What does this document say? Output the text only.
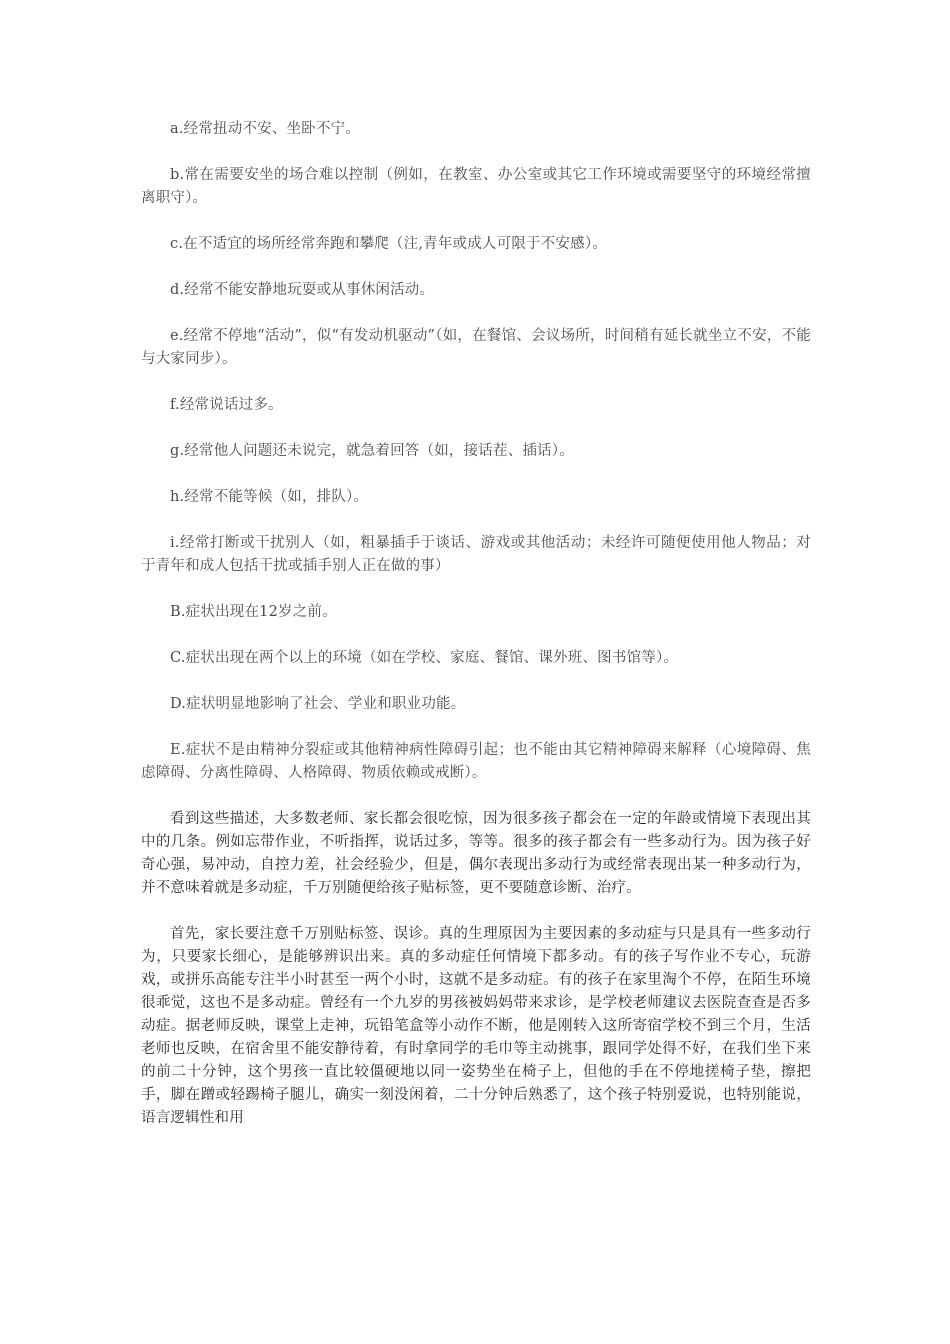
a.经常扭动不安、坐卧不宁。

b.常在需要安坐的场合难以控制（例如，在教室、办公室或其它工作环境或需要坚守的环境经常擅离职守）。

c.在不适宜的场所经常奔跑和攀爬（注,青年或成人可限于不安感）。

d.经常不能安静地玩耍或从事休闲活动。

e.经常不停地“活动”，似“有发动机驱动”（如，在餐馆、会议场所，时间稍有延长就坐立不安，不能与大家同步）。

f.经常说话过多。

g.经常他人问题还未说完，就急着回答（如，接话茬、插话）。

h.经常不能等候（如，排队）。

i.经常打断或干扰别人（如，粗暴插手于谈话、游戏或其他活动；未经许可随便使用他人物品；对于青年和成人包括干扰或插手别人正在做的事）

B.症状出现在12岁之前。

C.症状出现在两个以上的环境（如在学校、家庭、餐馆、课外班、图书馆等）。

D.症状明显地影响了社会、学业和职业功能。

E.症状不是由精神分裂症或其他精神病性障碍引起；也不能由其它精神障碍来解释（心境障碍、焦虑障碍、分离性障碍、人格障碍、物质依赖或戒断）。

看到这些描述，大多数老师、家长都会很吃惊，因为很多孩子都会在一定的年龄或情境下表现出其中的几条。例如忘带作业，不听指挥，说话过多，等等。很多的孩子都会有一些多动行为。因为孩子好奇心强，易冲动，自控力差，社会经验少，但是，偶尔表现出多动行为或经常表现出某一种多动行为，并不意味着就是多动症，千万别随便给孩子贴标签，更不要随意诊断、治疗。

首先，家长要注意千万别贴标签、误诊。真的生理原因为主要因素的多动症与只是具有一些多动行为，只要家长细心，是能够辨识出来。真的多动症任何情境下都多动。有的孩子写作业不专心，玩游戏，或拼乐高能专注半小时甚至一两个小时，这就不是多动症。有的孩子在家里淘个不停，在陌生环境很乖觉，这也不是多动症。曾经有一个九岁的男孩被妈妈带来求诊，是学校老师建议去医院查查是否多动症。据老师反映，课堂上走神，玩铅笔盒等小动作不断，他是刚转入这所寄宿学校不到三个月，生活老师也反映，在宿舍里不能安静待着，有时拿同学的毛巾等主动挑事，跟同学处得不好，在我们坐下来的前二十分钟，这个男孩一直比较僵硬地以同一姿势坐在椅子上，但他的手在不停地搓椅子垫，擦把手，脚在蹭或轻踢椅子腿儿，确实一刻没闲着，二十分钟后熟悉了，这个孩子特别爱说，也特别能说，语言逻辑性和用
